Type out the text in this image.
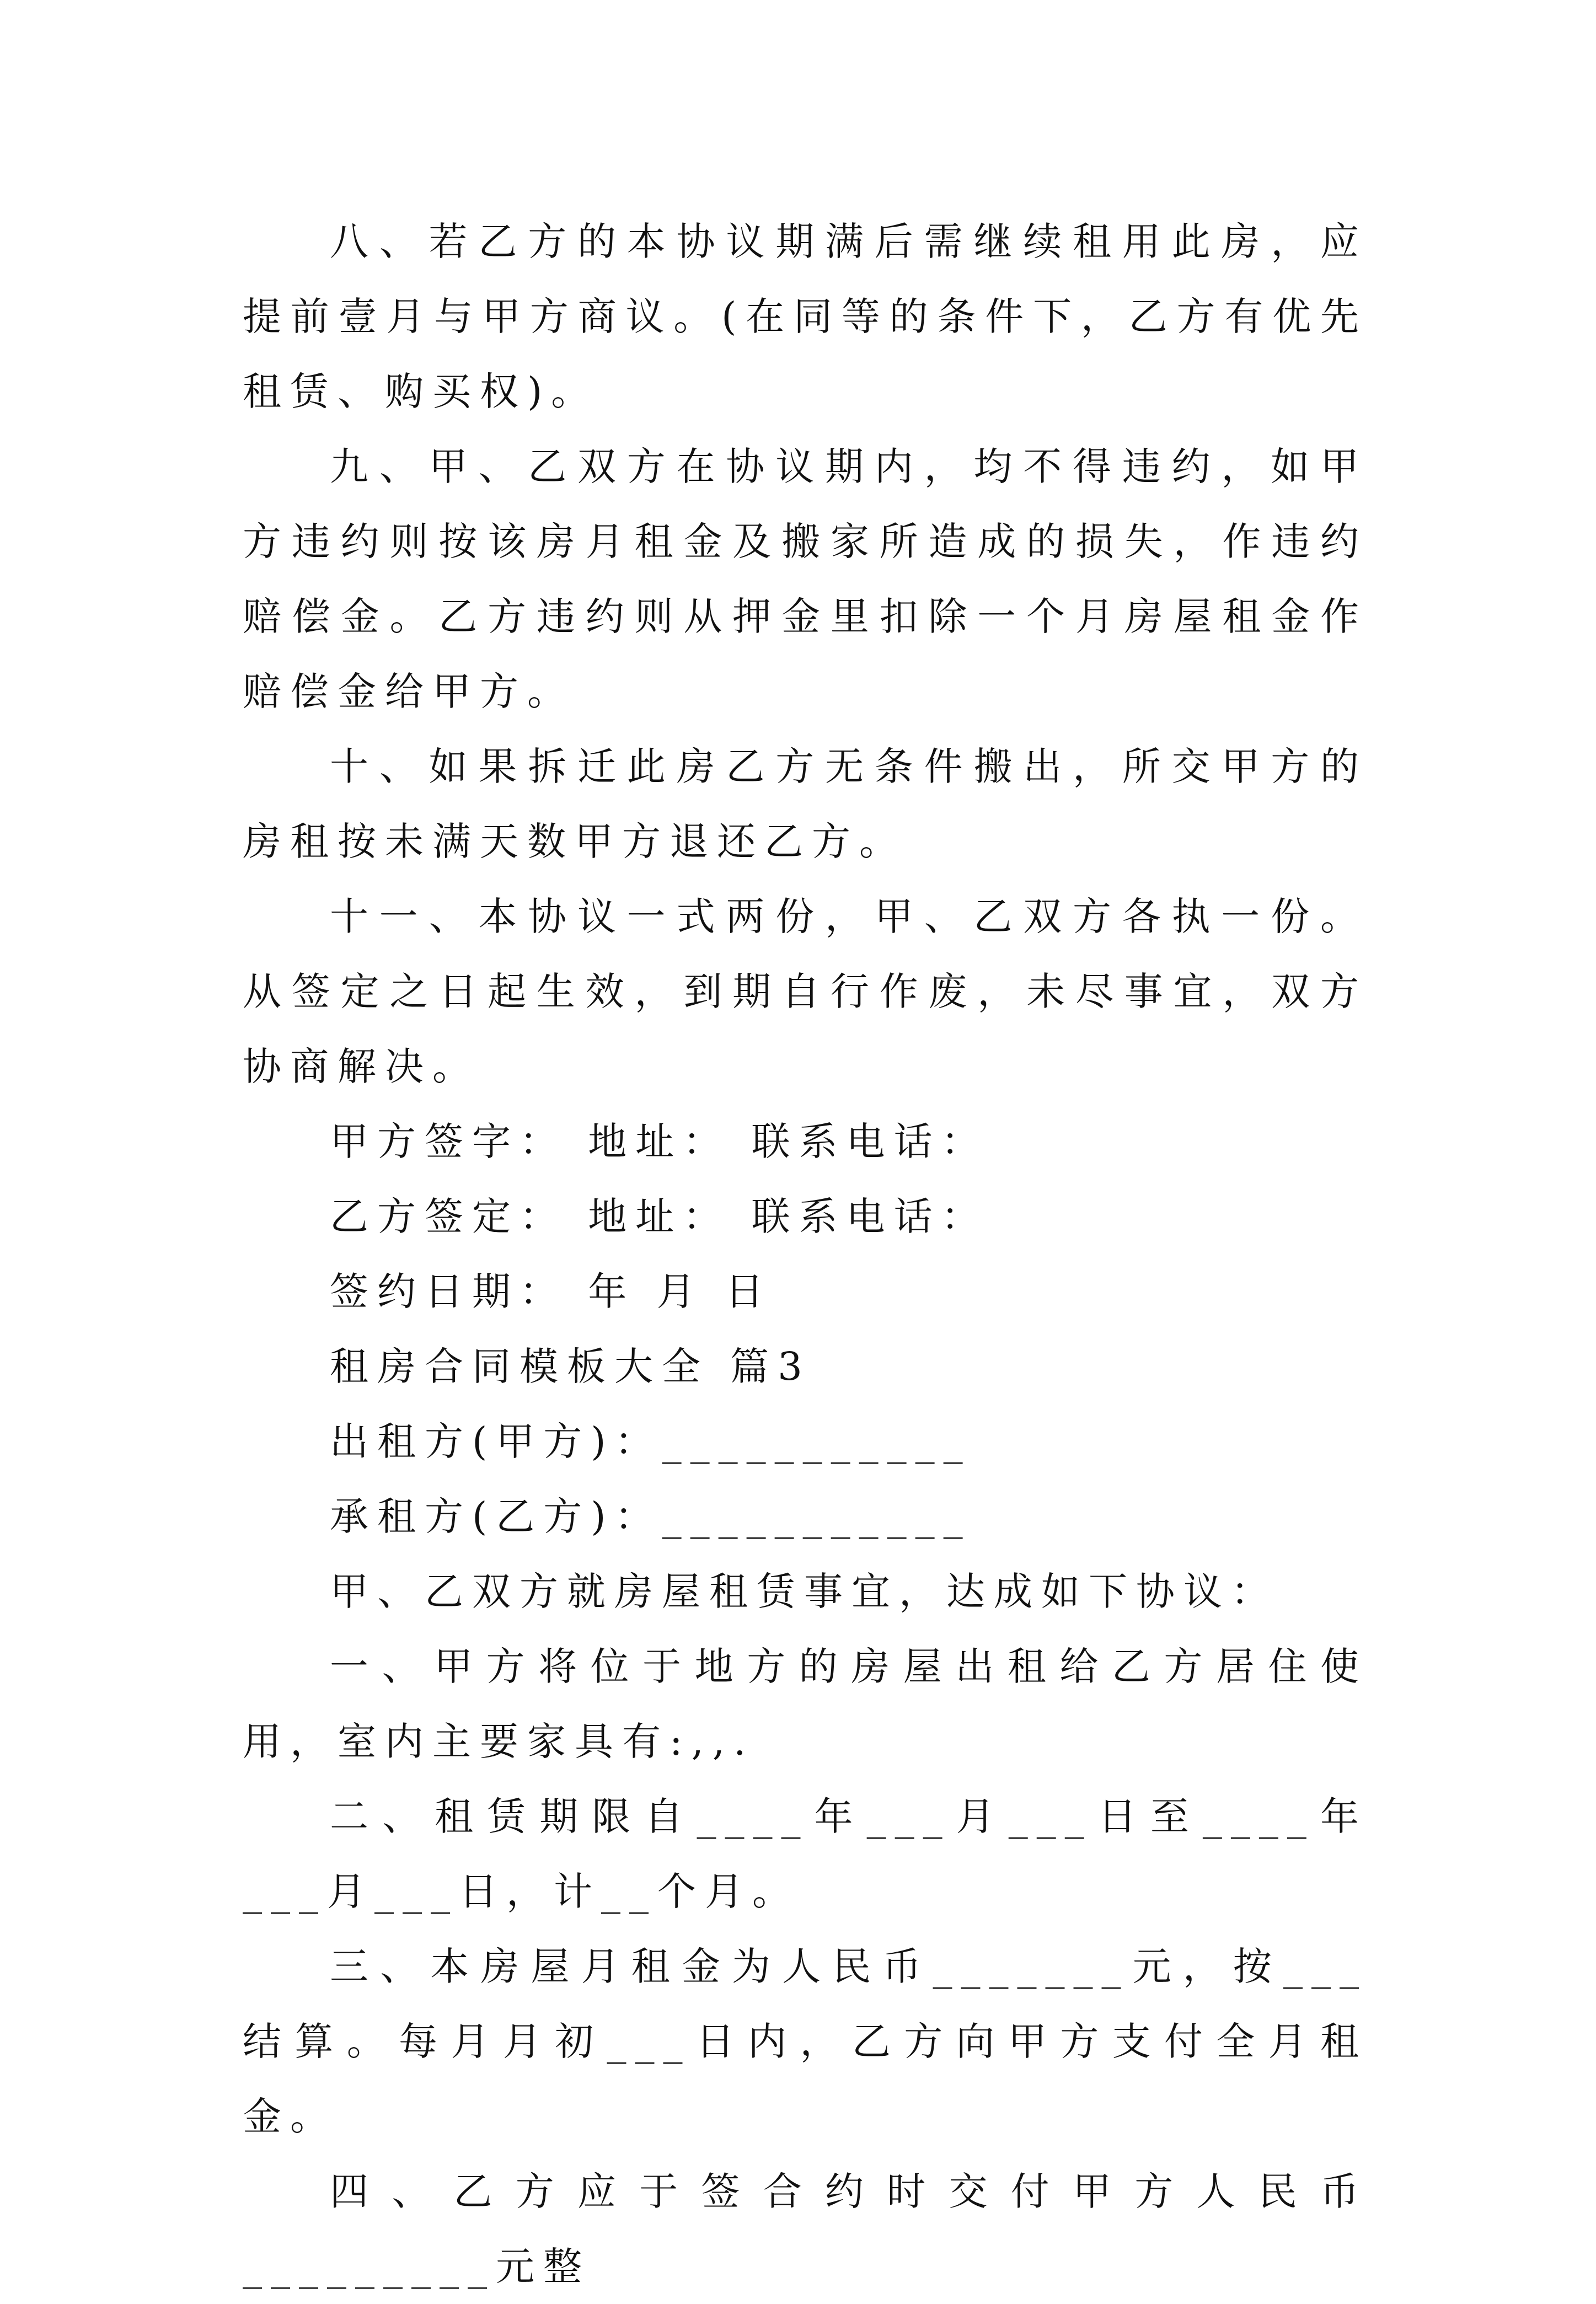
八、若乙方的本协议期满后需继续租用此房，应提前壹月与甲方商议。(在同等的条件下，乙方有优先租赁、购买权)。

九、甲、乙双方在协议期内，均不得违约，如甲方违约则按该房月租金及搬家所造成的损失，作违约赔偿金。乙方违约则从押金里扣除一个月房屋租金作赔偿金给甲方。

十、如果拆迁此房乙方无条件搬出，所交甲方的房租按未满天数甲方退还乙方。

十一、本协议一式两份，甲、乙双方各执一份。从签定之日起生效，到期自行作废，未尽事宜，双方协商解决。

甲方签字： 地址： 联系电话：

乙方签定： 地址： 联系电话：

签约日期： 年 月 日

租房合同模板大全 篇3

出租方(甲方)：___________

承租方(乙方)：___________

甲、乙双方就房屋租赁事宜，达成如下协议：

一、甲方将位于地方的房屋出租给乙方居住使用，室内主要家具有:,,.

二、租赁期限自____年___月___日至____年___月___日，计__个月。

三、本房屋月租金为人民币_______元，按___结算。每月月初___日内，乙方向甲方支付全月租金。

四、乙方应于签合约时交付甲方人民币_________元整
